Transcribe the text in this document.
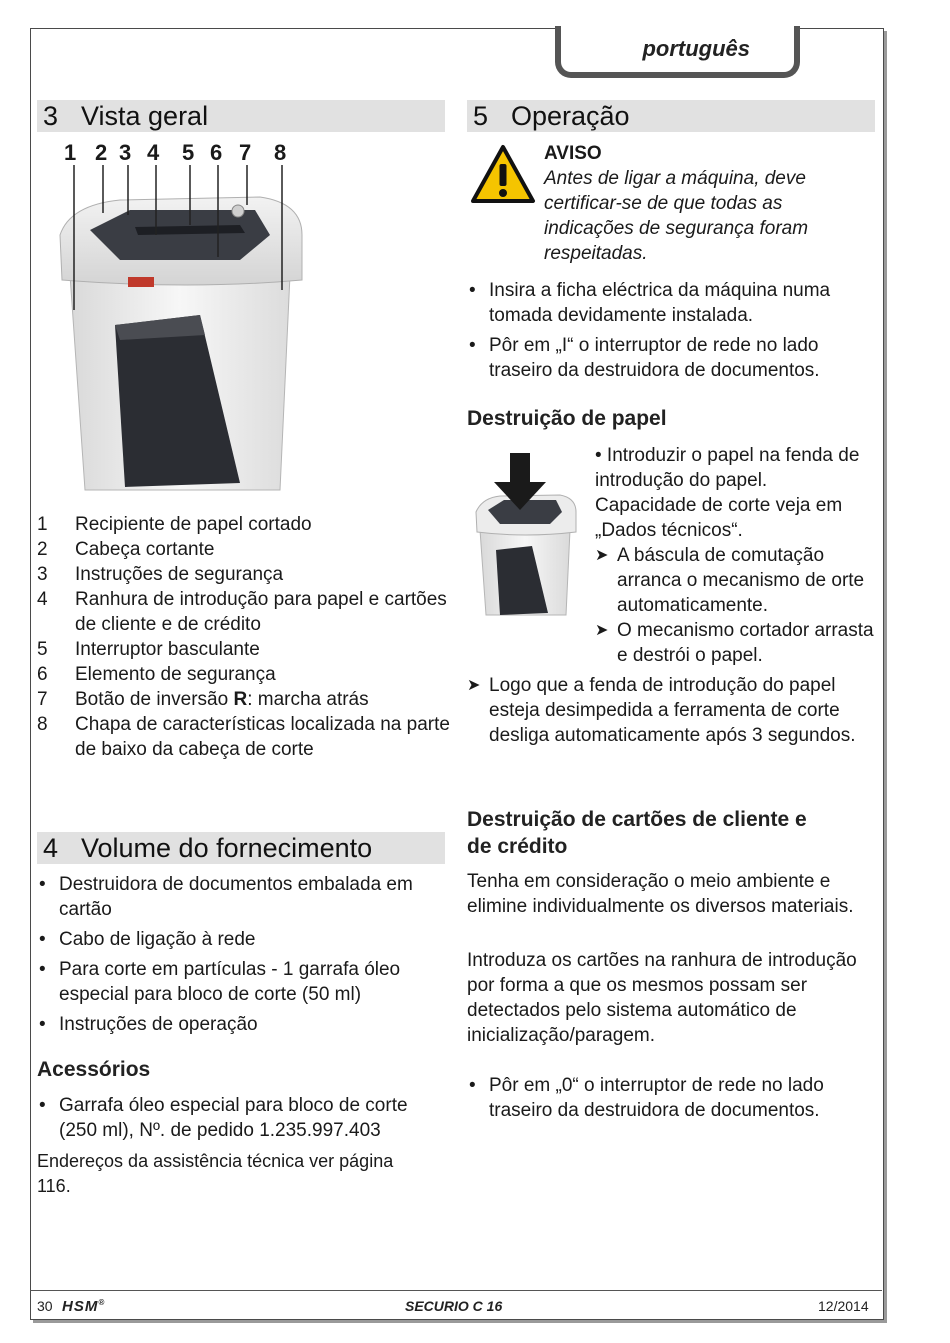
português
3 Vista geral
1 2 3 4 5 6 7 8
1 Recipiente de papel cortado
2 Cabeça cortante
3 Instruções de segurança
4 Ranhura de introdução para papel e cartões de cliente e de crédito
5 Interruptor basculante
6 Elemento de segurança
7 Botão de inversão R: marcha atrás
8 Chapa de características localizada na parte de baixo da cabeça de corte
4 Volume do fornecimento
• Destruidora de documentos embalada em cartão
• Cabo de ligação à rede
• Para corte em partículas - 1 garrafa óleo especial para bloco de corte (50 ml)
• Instruções de operação
Acessórios
• Garrafa óleo especial para bloco de corte (250 ml), Nº. de pedido 1.235.997.403
Endereços da assistência técnica ver página 116.
5 Operação
AVISO
Antes de ligar a máquina, deve certificar-se de que todas as indicações de segurança foram respeitadas.
• Insira a ficha eléctrica da máquina numa tomada devidamente instalada.
• Pôr em „I“ o interruptor de rede no lado traseiro da destruidora de documentos.
Destruição de papel
• Introduzir o papel na fenda de introdução do papel. Capacidade de corte veja em „Dados técnicos“.
➤ A báscula de comutação arranca o mecanismo de orte automaticamente.
➤ O mecanismo cortador arrasta e destrói o papel.
➤ Logo que a fenda de introdução do papel esteja desimpedida a ferramenta de corte desliga automaticamente após 3 segundos.
Destruição de cartões de cliente e de crédito
Tenha em consideração o meio ambiente e elimine individualmente os diversos materiais.
Introduza os cartões na ranhura de introdução por forma a que os mesmos possam ser detectados pelo sistema automático de inicialização/paragem.
• Pôr em „0“ o interruptor de rede no lado traseiro da destruidora de documentos.
30 HSM®	SECURIO C 16	12/2014
